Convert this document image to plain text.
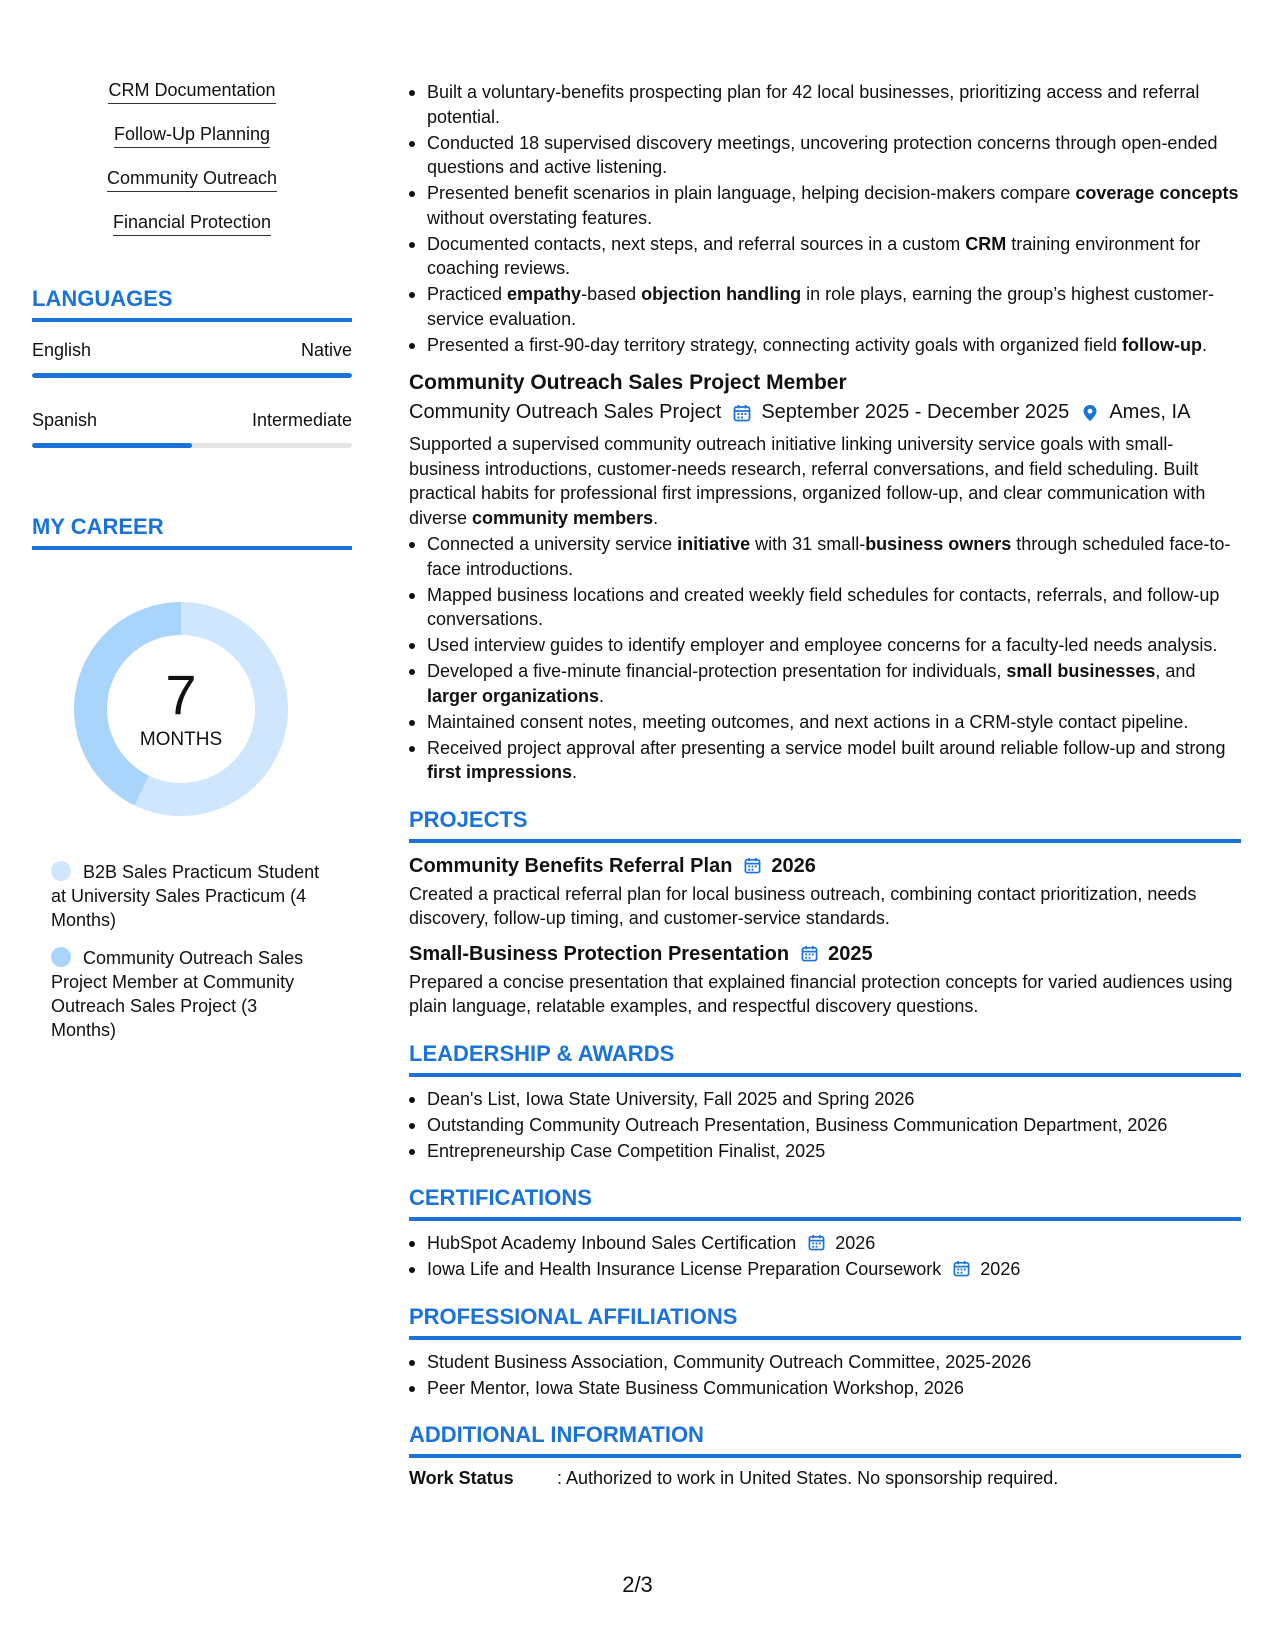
CRM Documentation
Follow-Up Planning
Community Outreach
Financial Protection
LANGUAGES
English	Native
Spanish	Intermediate
MY CAREER
7
MONTHS
B2B Sales Practicum Student at University Sales Practicum (4 Months)
Community Outreach Sales Project Member at Community Outreach Sales Project (3 Months)
Built a voluntary-benefits prospecting plan for 42 local businesses, prioritizing access and referral potential.
Conducted 18 supervised discovery meetings, uncovering protection concerns through open-ended questions and active listening.
Presented benefit scenarios in plain language, helping decision-makers compare coverage concepts without overstating features.
Documented contacts, next steps, and referral sources in a custom CRM training environment for coaching reviews.
Practiced empathy-based objection handling in role plays, earning the group’s highest customer-service evaluation.
Presented a first-90-day territory strategy, connecting activity goals with organized field follow-up.
Community Outreach Sales Project Member
Community Outreach Sales Project September 2025 - December 2025 Ames, IA

Supported a supervised community outreach initiative linking university service goals with small-business introductions, customer-needs research, referral conversations, and field scheduling. Built practical habits for professional first impressions, organized follow-up, and clear communication with diverse community members.

Connected a university service initiative with 31 small-business owners through scheduled face-to-face introductions.
Mapped business locations and created weekly field schedules for contacts, referrals, and follow-up conversations.
Used interview guides to identify employer and employee concerns for a faculty-led needs analysis.
Developed a five-minute financial-protection presentation for individuals, small businesses, and larger organizations.
Maintained consent notes, meeting outcomes, and next actions in a CRM-style contact pipeline.
Received project approval after presenting a service model built around reliable follow-up and strong first impressions.
PROJECTS
Community Benefits Referral Plan 2026

Created a practical referral plan for local business outreach, combining contact prioritization, needs discovery, follow-up timing, and customer-service standards.

Small-Business Protection Presentation 2025

Prepared a concise presentation that explained financial protection concepts for varied audiences using plain language, relatable examples, and respectful discovery questions.

LEADERSHIP & AWARDS
Dean's List, Iowa State University, Fall 2025 and Spring 2026
Outstanding Community Outreach Presentation, Business Communication Department, 2026
Entrepreneurship Case Competition Finalist, 2025
CERTIFICATIONS
HubSpot Academy Inbound Sales Certification 2026
Iowa Life and Health Insurance License Preparation Coursework 2026
PROFESSIONAL AFFILIATIONS
Student Business Association, Community Outreach Committee, 2025-2026
Peer Mentor, Iowa State Business Communication Workshop, 2026
ADDITIONAL INFORMATION
Work Status	: Authorized to work in United States. No sponsorship required.
2/3
